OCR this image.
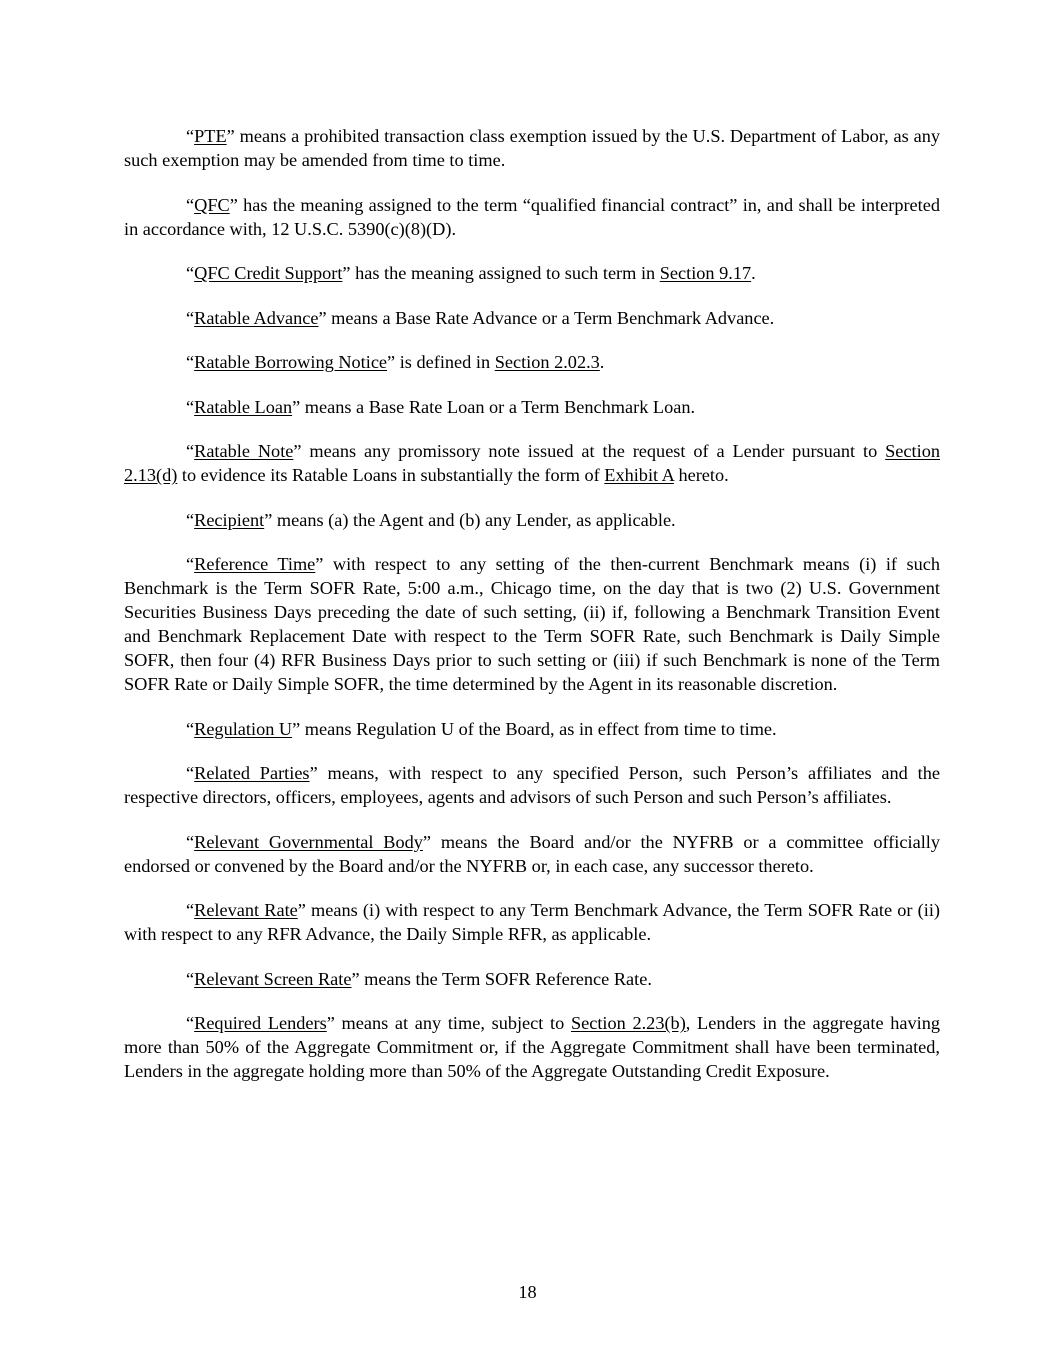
“PTE” means a prohibited transaction class exemption issued by the U.S. Department of Labor, as any such exemption may be amended from time to time.

“QFC” has the meaning assigned to the term “qualified financial contract” in, and shall be interpreted in accordance with, 12 U.S.C. 5390(c)(8)(D).

“QFC Credit Support” has the meaning assigned to such term in Section 9.17.

“Ratable Advance” means a Base Rate Advance or a Term Benchmark Advance.

“Ratable Borrowing Notice” is defined in Section 2.02.3.

“Ratable Loan” means a Base Rate Loan or a Term Benchmark Loan.

“Ratable Note” means any promissory note issued at the request of a Lender pursuant to Section 2.13(d) to evidence its Ratable Loans in substantially the form of Exhibit A hereto.

“Recipient” means (a) the Agent and (b) any Lender, as applicable.

“Reference Time” with respect to any setting of the then-current Benchmark means (i) if such Benchmark is the Term SOFR Rate, 5:00 a.m., Chicago time, on the day that is two (2) U.S. Government Securities Business Days preceding the date of such setting, (ii) if, following a Benchmark Transition Event and Benchmark Replacement Date with respect to the Term SOFR Rate, such Benchmark is Daily Simple SOFR, then four (4) RFR Business Days prior to such setting or (iii) if such Benchmark is none of the Term SOFR Rate or Daily Simple SOFR, the time determined by the Agent in its reasonable discretion.

“Regulation U” means Regulation U of the Board, as in effect from time to time.

“Related Parties” means, with respect to any specified Person, such Person’s affiliates and the respective directors, officers, employees, agents and advisors of such Person and such Person’s affiliates.

“Relevant Governmental Body” means the Board and/or the NYFRB or a committee officially endorsed or convened by the Board and/or the NYFRB or, in each case, any successor thereto.

“Relevant Rate” means (i) with respect to any Term Benchmark Advance, the Term SOFR Rate or (ii) with respect to any RFR Advance, the Daily Simple RFR, as applicable.

“Relevant Screen Rate” means the Term SOFR Reference Rate.

“Required Lenders” means at any time, subject to Section 2.23(b), Lenders in the aggregate having more than 50% of the Aggregate Commitment or, if the Aggregate Commitment shall have been terminated, Lenders in the aggregate holding more than 50% of the Aggregate Outstanding Credit Exposure.

18
